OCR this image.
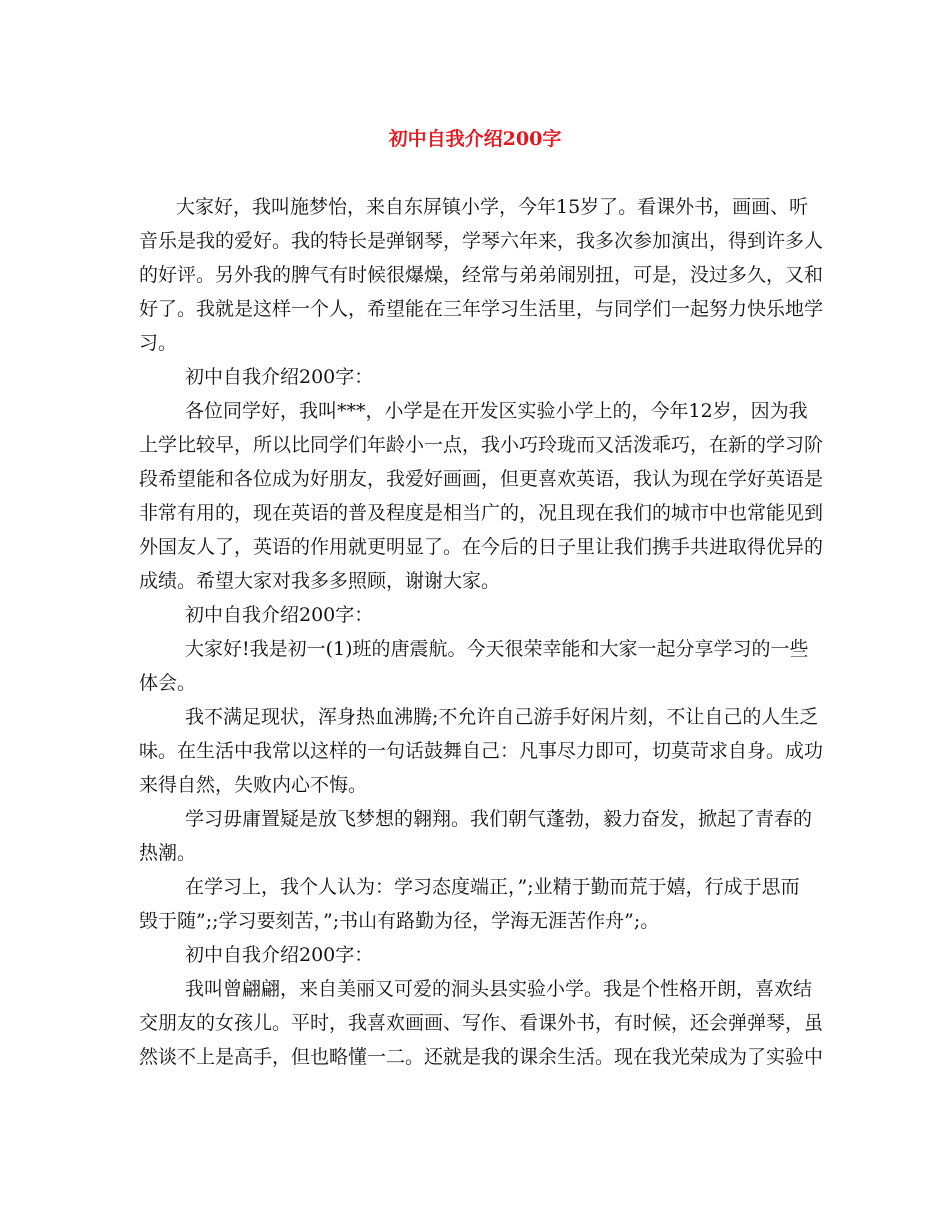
初中自我介绍200字
大家好，我叫施梦怡，来自东屏镇小学，今年15岁了。看课外书，画画、听
音乐是我的爱好。我的特长是弹钢琴，学琴六年来，我多次参加演出，得到许多人
的好评。另外我的脾气有时候很爆燥，经常与弟弟闹别扭，可是，没过多久，又和
好了。我就是这样一个人，希望能在三年学习生活里，与同学们一起努力快乐地学
习。
初中自我介绍200字：
各位同学好，我叫***，小学是在开发区实验小学上的，今年12岁，因为我
上学比较早，所以比同学们年龄小一点，我小巧玲珑而又活泼乖巧，在新的学习阶
段希望能和各位成为好朋友，我爱好画画，但更喜欢英语，我认为现在学好英语是
非常有用的，现在英语的普及程度是相当广的，况且现在我们的城市中也常能见到
外国友人了，英语的作用就更明显了。在今后的日子里让我们携手共进取得优异的
成绩。希望大家对我多多照顾，谢谢大家。
初中自我介绍200字：
大家好!我是初一(1)班的唐震航。今天很荣幸能和大家一起分享学习的一些
体会。
我不满足现状，浑身热血沸腾;不允许自己游手好闲片刻，不让自己的人生乏
味。在生活中我常以这样的一句话鼓舞自己：凡事尽力即可，切莫苛求自身。成功
来得自然，失败内心不悔。
学习毋庸置疑是放飞梦想的翱翔。我们朝气蓬勃，毅力奋发，掀起了青春的
热潮。
在学习上，我个人认为：学习态度端正，”;业精于勤而荒于嬉，行成于思而
毁于随”;;学习要刻苦，”;书山有路勤为径，学海无涯苦作舟”;。
初中自我介绍200字：
我叫曾翩翩，来自美丽又可爱的洞头县实验小学。我是个性格开朗，喜欢结
交朋友的女孩儿。平时，我喜欢画画、写作、看课外书，有时候，还会弹弹琴，虽
然谈不上是高手，但也略懂一二。还就是我的课余生活。现在我光荣成为了实验中
